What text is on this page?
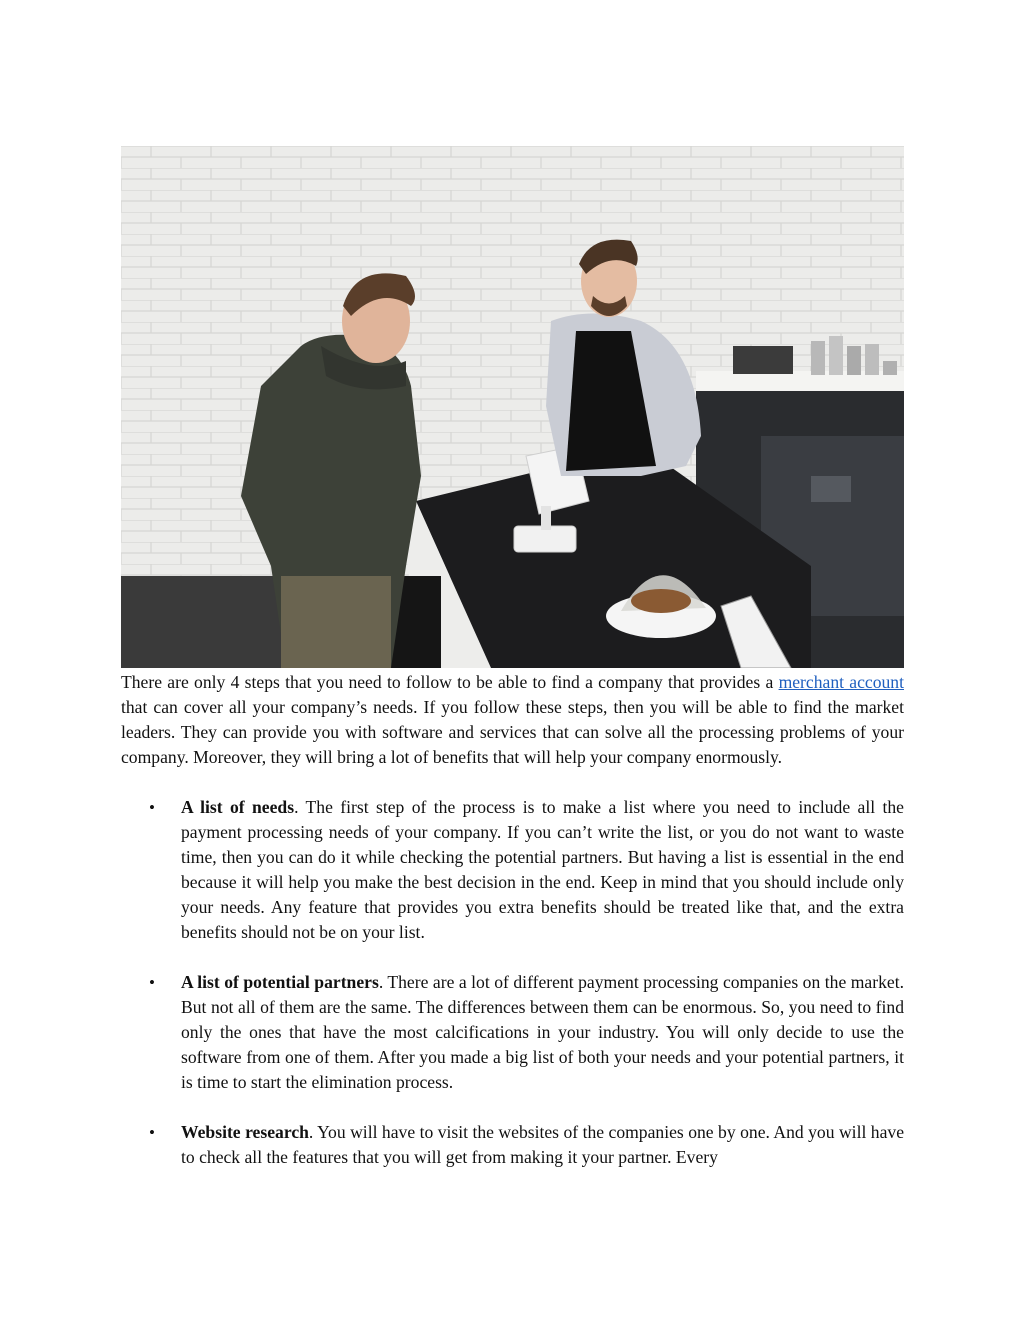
There are only 4 steps that you need to follow to be able to find a company that provides a merchant account that can cover all your company’s needs. If you follow these steps, then you will be able to find the market leaders. They can provide you with software and services that can solve all the processing problems of your company. Moreover, they will bring a lot of benefits that will help your company enormously.

• A list of needs. The first step of the process is to make a list where you need to include all the payment processing needs of your company. If you can’t write the list, or you do not want to waste time, then you can do it while checking the potential partners. But having a list is essential in the end because it will help you make the best decision in the end. Keep in mind that you should include only your needs. Any feature that provides you extra benefits should be treated like that, and the extra benefits should not be on your list.
• A list of potential partners. There are a lot of different payment processing companies on the market. But not all of them are the same. The differences between them can be enormous. So, you need to find only the ones that have the most calcifications in your industry. You will only decide to use the software from one of them. After you made a big list of both your needs and your potential partners, it is time to start the elimination process.
• Website research. You will have to visit the websites of the companies one by one. And you will have to check all the features that you will get from making it your partner. Every
